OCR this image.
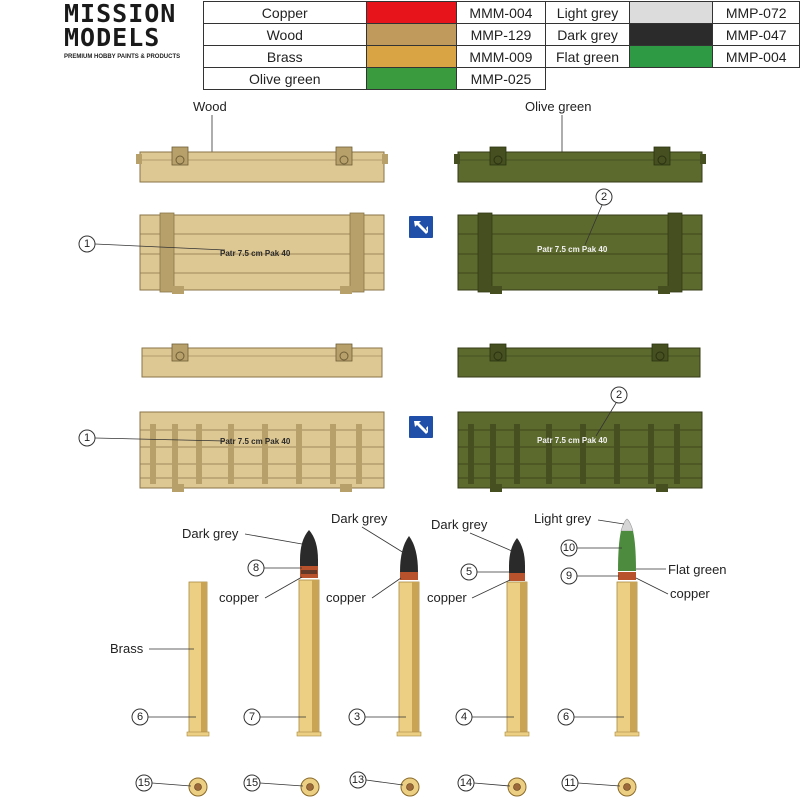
MISSION
MODELS
PREMIUM HOBBY PAINTS & PRODUCTS
Copper		MMM-004	Light grey		MMP-072
Wood		MMP-129	Dark grey		MMP-047
Brass		MMM-009	Flat green		MMP-004
Olive green		MMP-025			
Wood	Olive green
Patr 7.5 cm Pak 40	Patr 7.5 cm Pak 40
1
2
Patr 7.5 cm Pak 40	Patr 7.5 cm Pak 40
1
2
Brass
6
Dark grey
8
copper
7
Dark grey
copper
3
Dark grey
5
copper
4
Light grey
10
9	Flat green
copper
6
15	15	13	14	11
